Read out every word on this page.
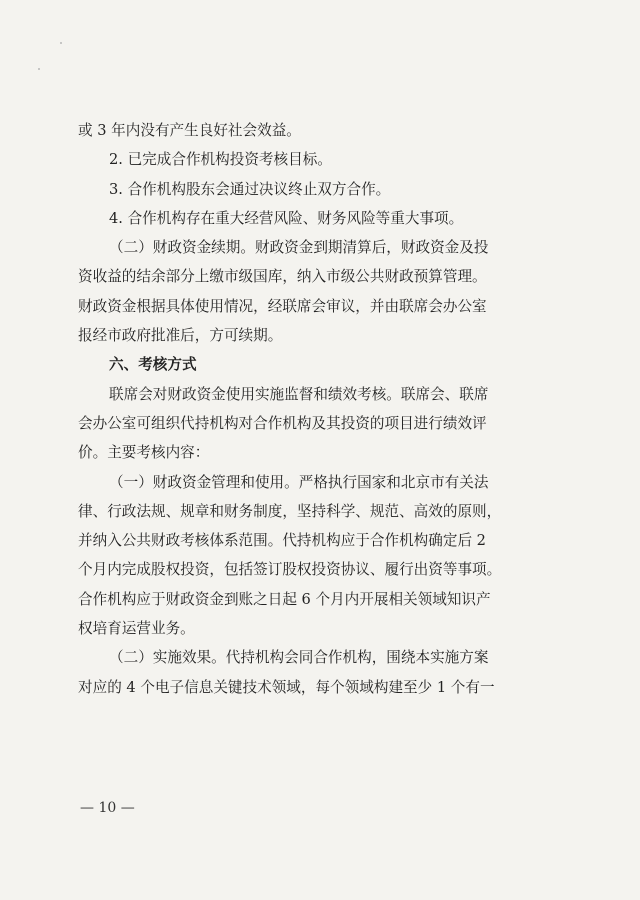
或 3 年内没有产生良好社会效益。
2. 已完成合作机构投资考核目标。
3. 合作机构股东会通过决议终止双方合作。
4. 合作机构存在重大经营风险、财务风险等重大事项。
（二）财政资金续期。财政资金到期清算后，财政资金及投
资收益的结余部分上缴市级国库，纳入市级公共财政预算管理。
财政资金根据具体使用情况，经联席会审议，并由联席会办公室
报经市政府批准后，方可续期。
六、考核方式
联席会对财政资金使用实施监督和绩效考核。联席会、联席
会办公室可组织代持机构对合作机构及其投资的项目进行绩效评
价。主要考核内容：
（一）财政资金管理和使用。严格执行国家和北京市有关法
律、行政法规、规章和财务制度，坚持科学、规范、高效的原则，
并纳入公共财政考核体系范围。代持机构应于合作机构确定后 2
个月内完成股权投资，包括签订股权投资协议、履行出资等事项。
合作机构应于财政资金到账之日起 6 个月内开展相关领域知识产
权培育运营业务。
（二）实施效果。代持机构会同合作机构，围绕本实施方案
对应的 4 个电子信息关键技术领域，每个领域构建至少 1 个有一
— 10 —
